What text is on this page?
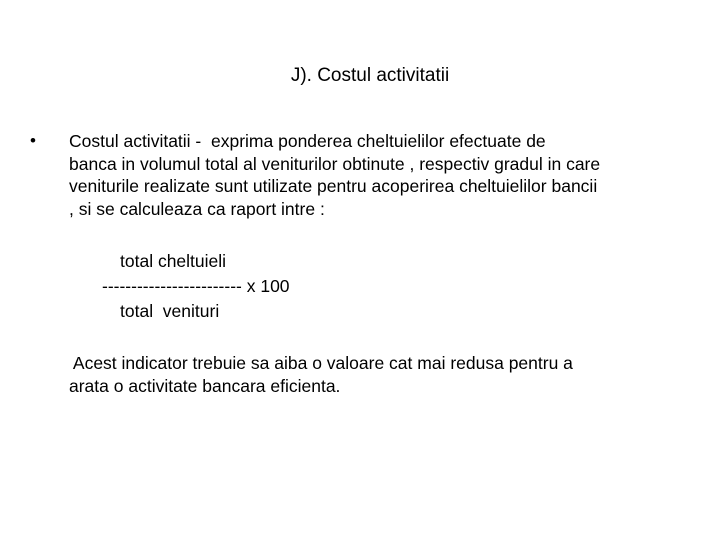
J). Costul activitatii
• Costul activitatii -  exprima ponderea cheltuielilor efectuate de
banca in volumul total al veniturilor obtinute , respectiv gradul in care
veniturile realizate sunt utilizate pentru acoperirea cheltuielilor bancii
, si se calculeaza ca raport intre :
total cheltuieli
------------------------ x 100
total  venituri
Acest indicator trebuie sa aiba o valoare cat mai redusa pentru a
arata o activitate bancara eficienta.
